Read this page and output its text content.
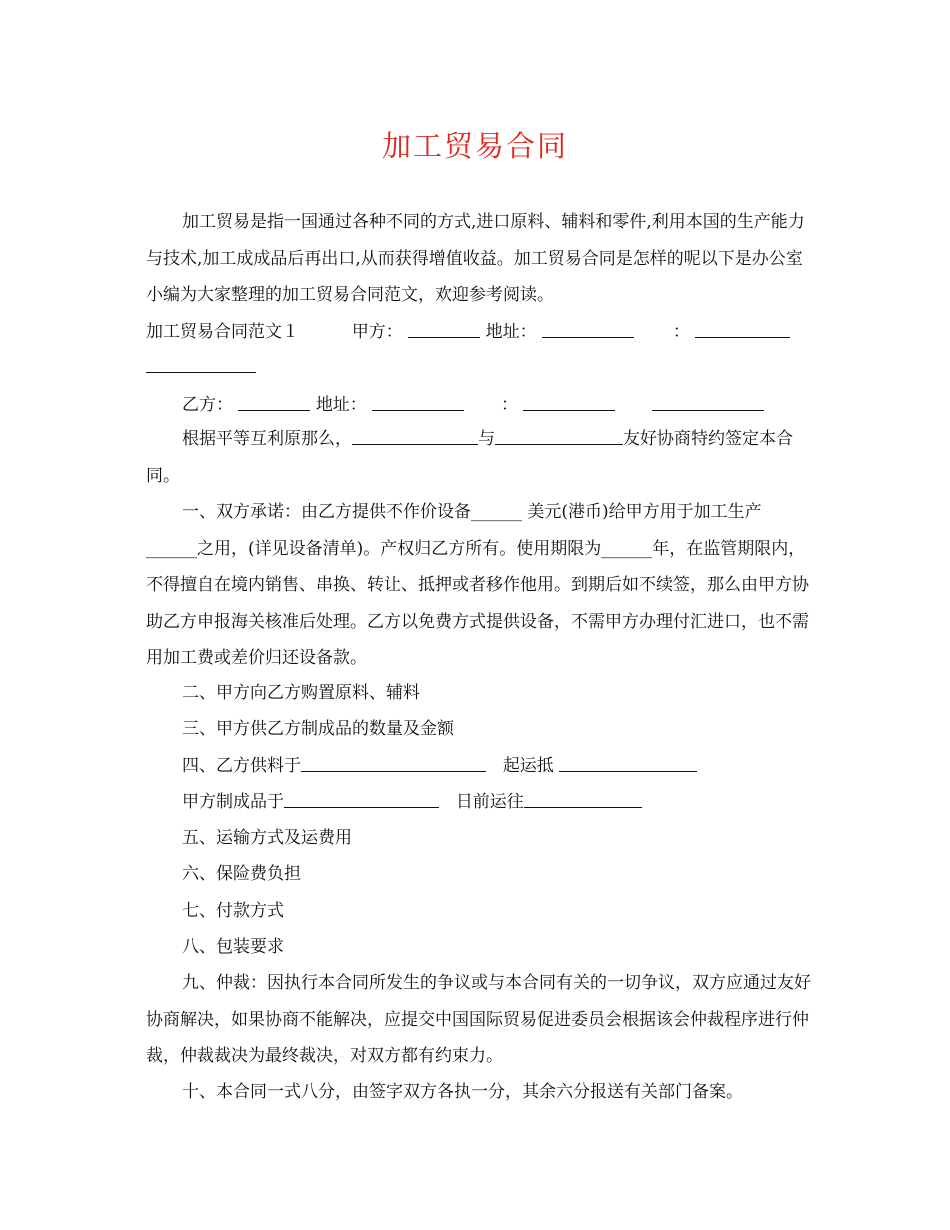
加工贸易合同
加工贸易是指一国通过各种不同的方式,进口原料、辅料和零件,利用本国的生产能力与技术,加工成成品后再出口,从而获得增值收益。加工贸易合同是怎样的呢以下是办公室小编为大家整理的加工贸易合同范文，欢迎参考阅读。
加工贸易合同范文１	甲方：	地址：	：
乙方：	地址：	：
根据平等互利原那么，	与	友好协商特约签定本合同。
一、双方承诺：由乙方提供不作价设备______ 美元(港币)给甲方用于加工生产______之用，(详见设备清单)。产权归乙方所有。使用期限为______年，在监管期限内，不得擅自在境内销售、串换、转让、抵押或者移作他用。到期后如不续签，那么由甲方协助乙方申报海关核准后处理。乙方以免费方式提供设备，不需甲方办理付汇进口，也不需用加工费或差价归还设备款。
二、甲方向乙方购置原料、辅料
三、甲方供乙方制成品的数量及金额
四、乙方供料于	起运抵
甲方制成品于	日前运往
五、运输方式及运费用
六、保险费负担
七、付款方式
八、包装要求
九、仲裁：因执行本合同所发生的争议或与本合同有关的一切争议，双方应通过友好协商解决，如果协商不能解决，应提交中国国际贸易促进委员会根据该会仲裁程序进行仲裁，仲裁裁决为最终裁决，对双方都有约束力。
十、本合同一式八分，由签字双方各执一分，其余六分报送有关部门备案。
